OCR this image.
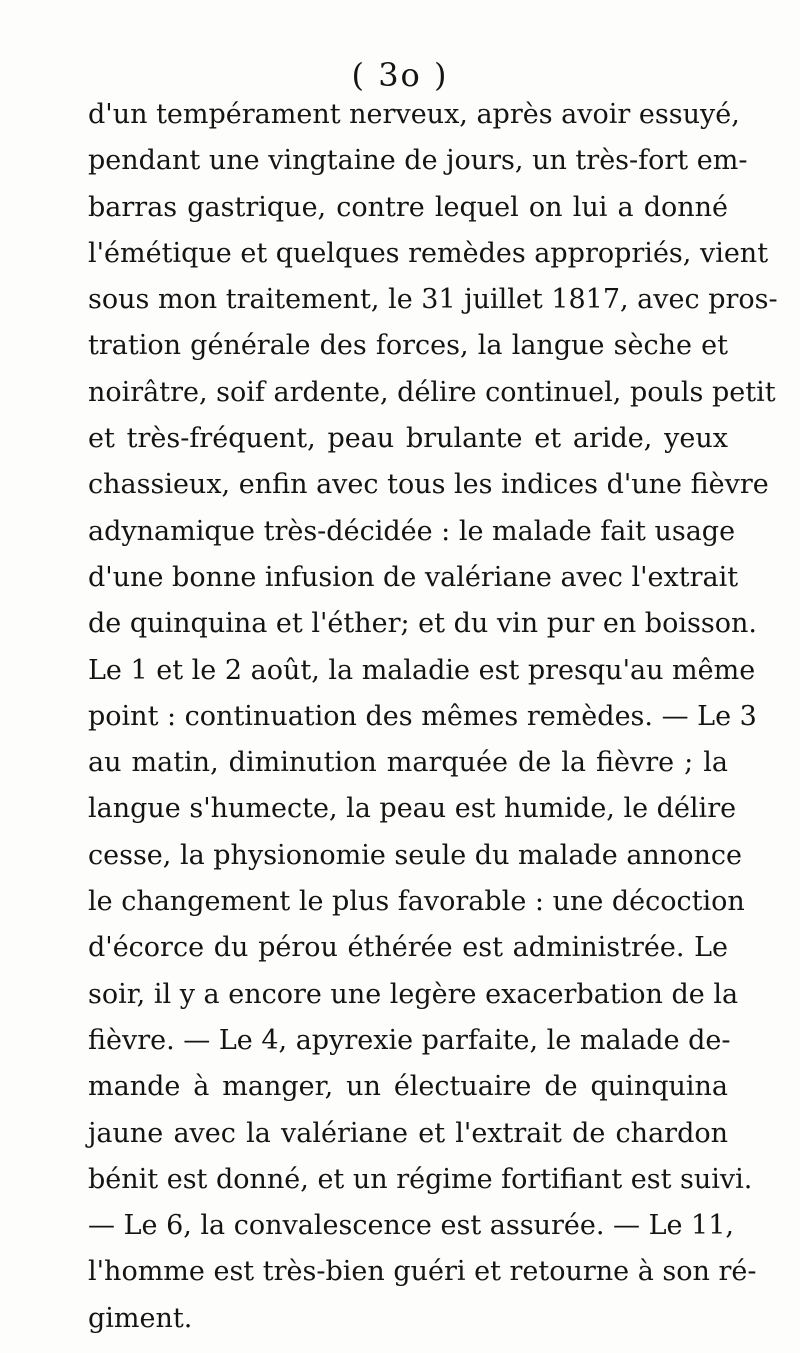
( 3o )
d'un tempérament nerveux, après avoir essuyé,
pendant une vingtaine de jours, un très-fort em-
barras gastrique, contre lequel on lui a donné
l'émétique et quelques remèdes appropriés, vient
sous mon traitement, le 31 juillet 1817, avec pros-
tration générale des forces, la langue sèche et
noirâtre, soif ardente, délire continuel, pouls petit
et très-fréquent, peau brulante et aride, yeux
chassieux, enfin avec tous les indices d'une fièvre
adynamique très-décidée : le malade fait usage
d'une bonne infusion de valériane avec l'extrait
de quinquina et l'éther; et du vin pur en boisson.
Le 1 et le 2 août, la maladie est presqu'au même
point : continuation des mêmes remèdes. — Le 3
au matin, diminution marquée de la fièvre ; la
langue s'humecte, la peau est humide, le délire
cesse, la physionomie seule du malade annonce
le changement le plus favorable : une décoction
d'écorce du pérou éthérée est administrée. Le
soir, il y a encore une legère exacerbation de la
fièvre. — Le 4, apyrexie parfaite, le malade de-
mande à manger, un électuaire de quinquina
jaune avec la valériane et l'extrait de chardon
bénit est donné, et un régime fortifiant est suivi.
— Le 6, la convalescence est assurée. — Le 11,
l'homme est très-bien guéri et retourne à son ré-
giment.
